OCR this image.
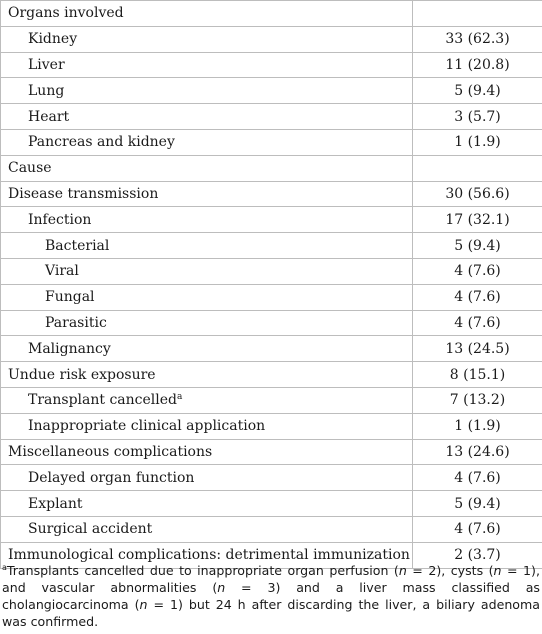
Organs involved	
Kidney	33 (62.3)
Liver	11 (20.8)
Lung	5 (9.4)
Heart	3 (5.7)
Pancreas and kidney	1 (1.9)
Cause	
Disease transmission	30 (56.6)
Infection	17 (32.1)
Bacterial	5 (9.4)
Viral	4 (7.6)
Fungal	4 (7.6)
Parasitic	4 (7.6)
Malignancy	13 (24.5)
Undue risk exposure	8 (15.1)
Transplant cancelled$^a$	7 (13.2)
Inappropriate clinical application	1 (1.9)
Miscellaneous complications	13 (24.6)
Delayed organ function	4 (7.6)
Explant	5 (9.4)
Surgical accident	4 (7.6)
Immunological complications: detrimental immunization	2 (3.7)

$^a$Transplants cancelled due to inappropriate organ perfusion (n = 2), cysts (n = 1), and vascular abnormalities (n = 3) and a liver mass classified as cholangiocarcinoma (n = 1) but 24 h after discarding the liver, a biliary adenoma was confirmed.
